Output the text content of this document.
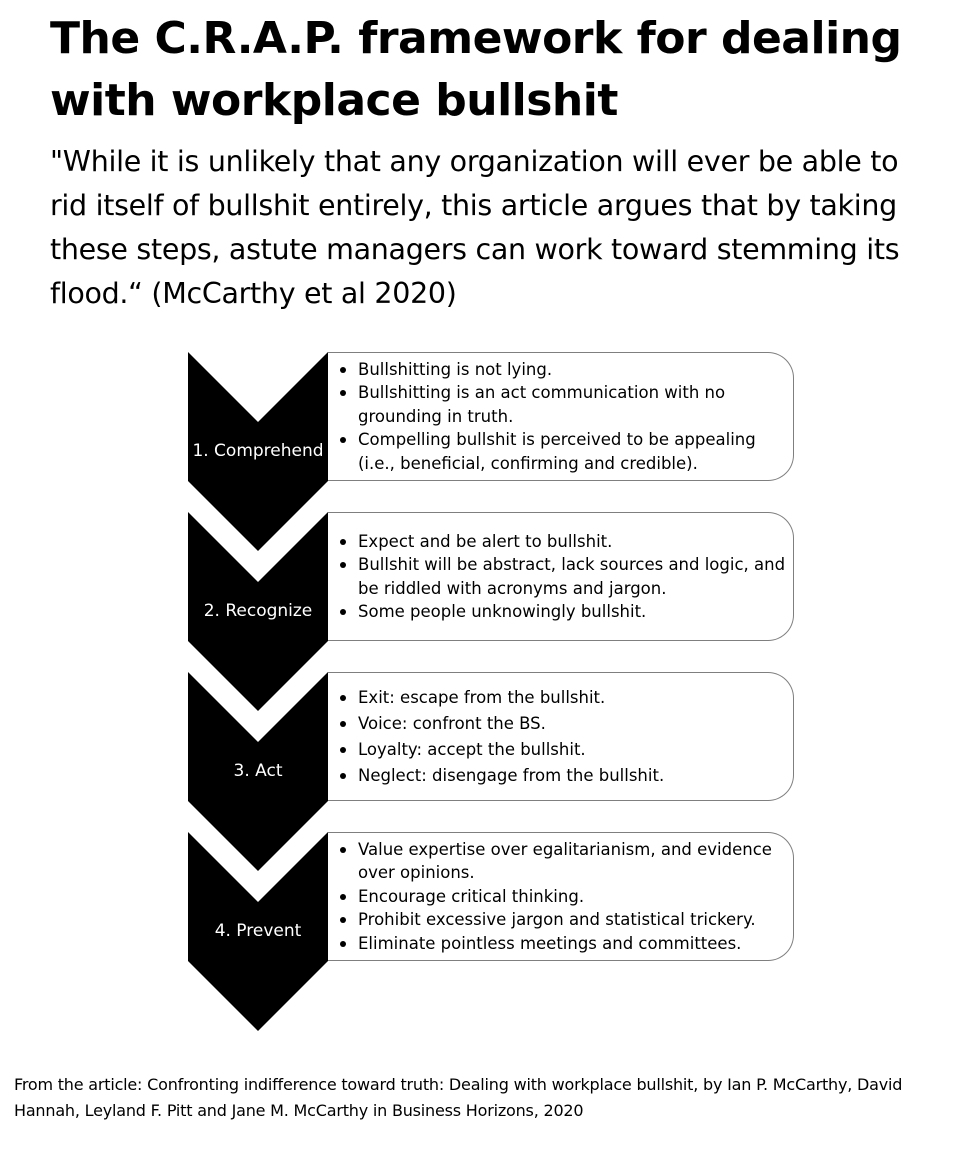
The C.R.A.P. framework for dealing with workplace bullshit

"While it is unlikely that any organization will ever be able to rid itself of bullshit entirely, this article argues that by taking these steps, astute managers can work toward stemming its flood.“ (McCarthy et al 2020)

Bullshitting is not lying.
Bullshitting is an act communication with no grounding in truth.
Compelling bullshit is perceived to be appealing (i.e., beneficial, confirming and credible).
1. Comprehend
Expect and be alert to bullshit.
Bullshit will be abstract, lack sources and logic, and be riddled with acronyms and jargon.
Some people unknowingly bullshit.
2. Recognize
Exit: escape from the bullshit.
Voice: confront the BS.
Loyalty: accept the bullshit.
Neglect: disengage from the bullshit.
3. Act
Value expertise over egalitarianism, and evidence over opinions.
Encourage critical thinking.
Prohibit excessive jargon and statistical trickery.
Eliminate pointless meetings and committees.
4. Prevent

From the article: Confronting indifference toward truth: Dealing with workplace bullshit, by Ian P. McCarthy, David Hannah, Leyland F. Pitt and Jane M. McCarthy in Business Horizons, 2020
